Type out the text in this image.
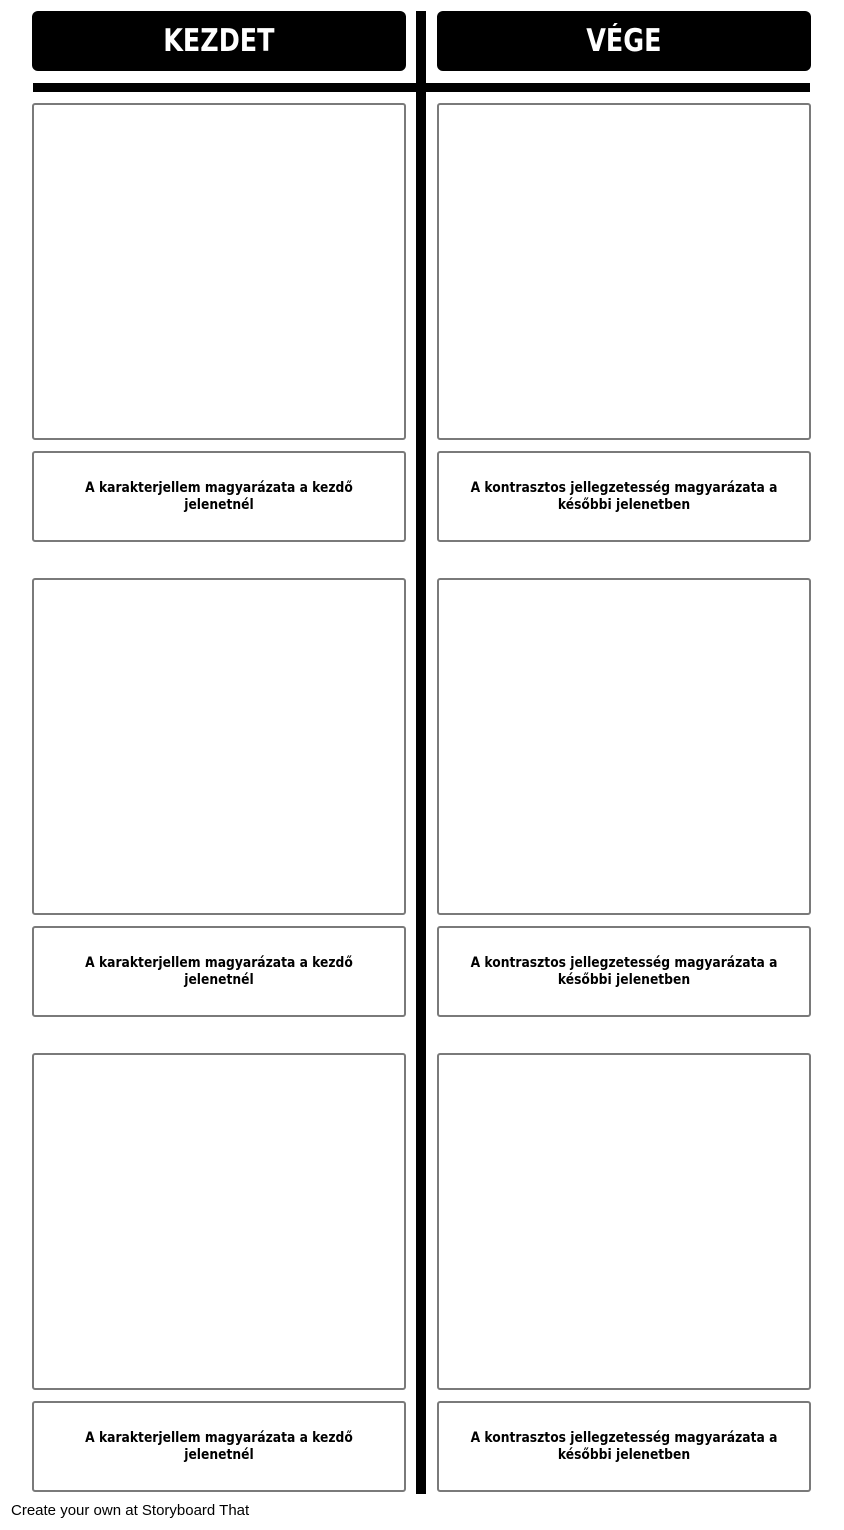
KEZDET	VÉGE
A karakterjellem magyarázata a kezdő jelenetnél
A kontrasztos jellegzetesség magyarázata a későbbi jelenetben
A karakterjellem magyarázata a kezdő jelenetnél
A kontrasztos jellegzetesség magyarázata a későbbi jelenetben
A karakterjellem magyarázata a kezdő jelenetnél
A kontrasztos jellegzetesség magyarázata a későbbi jelenetben
Create your own at Storyboard That
